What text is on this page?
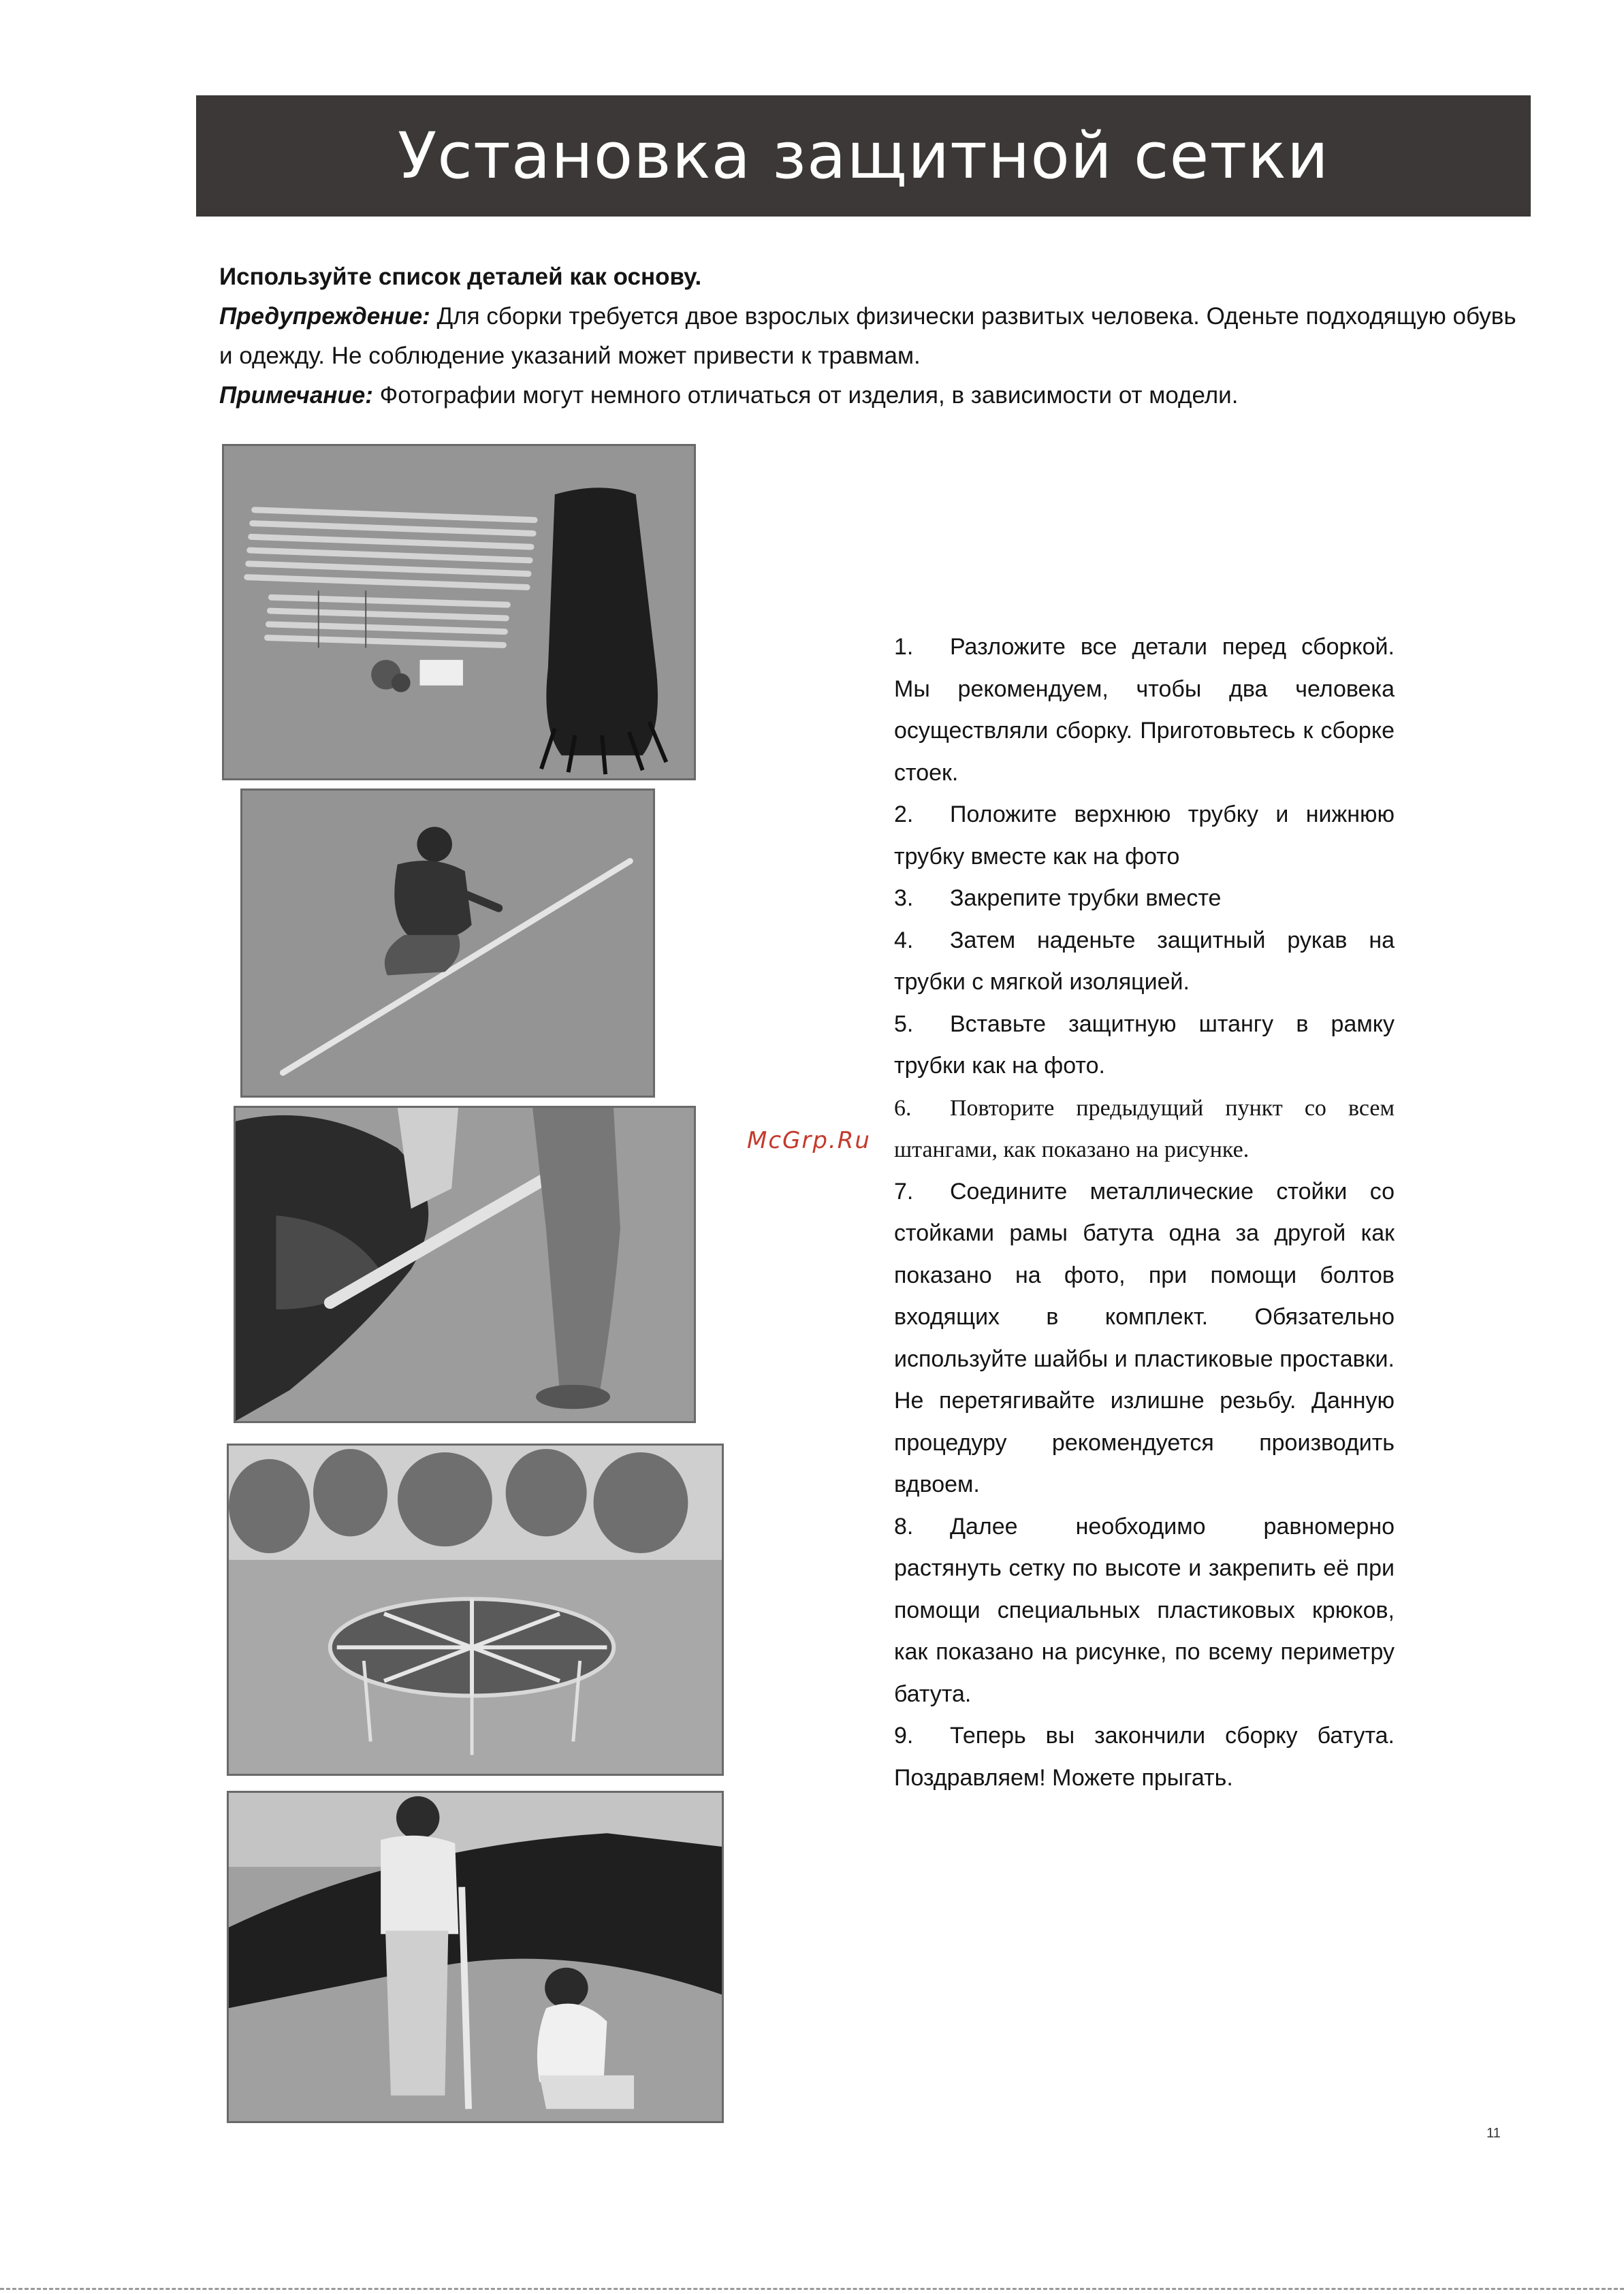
Установка защитной сетки

Используйте список деталей как основу.

Предупреждение: Для сборки требуется двое взрослых физически развитых человека. Оденьте подходящую обувь и одежду. Не соблюдение указаний может привести к травмам.

Примечание: Фотографии могут немного отличаться от изделия, в зависимости от модели.

McGrp.Ru

1. Разложите все детали перед сборкой. Мы рекомендуем, чтобы два человека осуществляли сборку. Приготовьтесь к сборке стоек.

2. Положите верхнюю трубку и нижнюю трубку вместе как на фото

3. Закрепите трубки вместе

4. Затем наденьте защитный рукав на трубки с мягкой изоляцией.

5. Вставьте защитную штангу в рамку трубки как на фото.

6. Повторите предыдущий пункт со всем штангами, как показано на рисунке.

7. Соедините металлические стойки со стойками рамы батута одна за другой как показано на фото, при помощи болтов входящих в комплект. Обязательно используйте шайбы и пластиковые проставки. Не перетягивайте излишне резьбу. Данную процедуру рекомендуется производить вдвоем.

8. Далее необходимо равномерно растянуть сетку по высоте и закрепить её при помощи специальных пластиковых крюков, как показано на рисунке, по всему периметру батута.

9. Теперь вы закончили сборку батута. Поздравляем! Можете прыгать.

11
